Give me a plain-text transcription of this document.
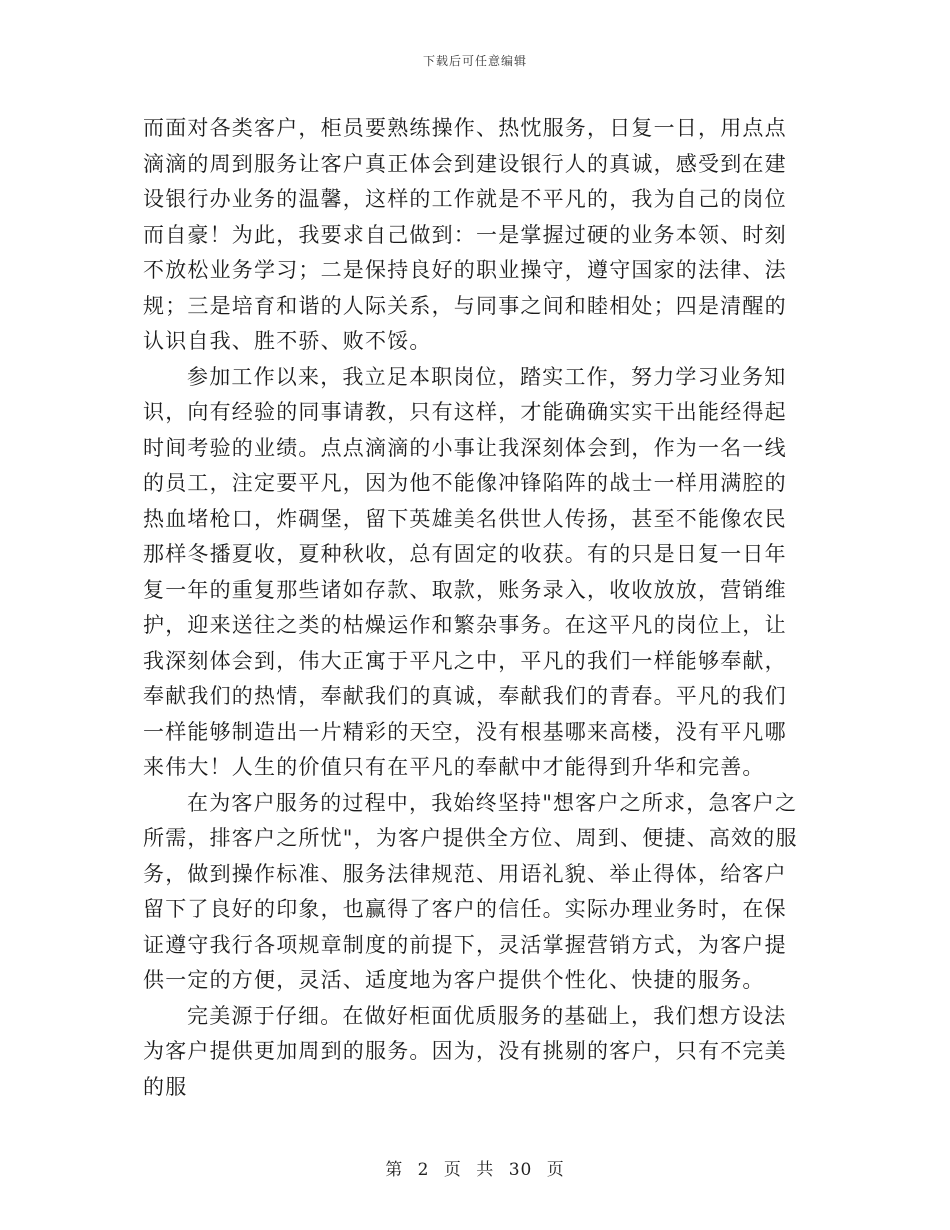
下载后可任意编辑

而面对各类客户，柜员要熟练操作、热忱服务，日复一日，用点点滴滴的周到服务让客户真正体会到建设银行人的真诚，感受到在建设银行办业务的温馨，这样的工作就是不平凡的，我为自己的岗位而自豪！为此，我要求自己做到：一是掌握过硬的业务本领、时刻不放松业务学习；二是保持良好的职业操守，遵守国家的法律、法规；三是培育和谐的人际关系，与同事之间和睦相处；四是清醒的认识自我、胜不骄、败不馁。

参加工作以来，我立足本职岗位，踏实工作，努力学习业务知识，向有经验的同事请教，只有这样，才能确确实实干出能经得起时间考验的业绩。点点滴滴的小事让我深刻体会到，作为一名一线的员工，注定要平凡，因为他不能像冲锋陷阵的战士一样用满腔的热血堵枪口，炸碉堡，留下英雄美名供世人传扬，甚至不能像农民那样冬播夏收，夏种秋收，总有固定的收获。有的只是日复一日年复一年的重复那些诸如存款、取款，账务录入，收收放放，营销维护，迎来送往之类的枯燥运作和繁杂事务。在这平凡的岗位上，让我深刻体会到，伟大正寓于平凡之中，平凡的我们一样能够奉献，奉献我们的热情，奉献我们的真诚，奉献我们的青春。平凡的我们一样能够制造出一片精彩的天空，没有根基哪来高楼，没有平凡哪来伟大！人生的价值只有在平凡的奉献中才能得到升华和完善。

在为客户服务的过程中，我始终坚持"想客户之所求，急客户之所需，排客户之所忧"，为客户提供全方位、周到、便捷、高效的服务，做到操作标准、服务法律规范、用语礼貌、举止得体，给客户留下了良好的印象，也赢得了客户的信任。实际办理业务时，在保证遵守我行各项规章制度的前提下，灵活掌握营销方式，为客户提供一定的方便，灵活、适度地为客户提供个性化、快捷的服务。

完美源于仔细。在做好柜面优质服务的基础上，我们想方设法为客户提供更加周到的服务。因为，没有挑剔的客户，只有不完美的服

第 2 页 共 30 页
